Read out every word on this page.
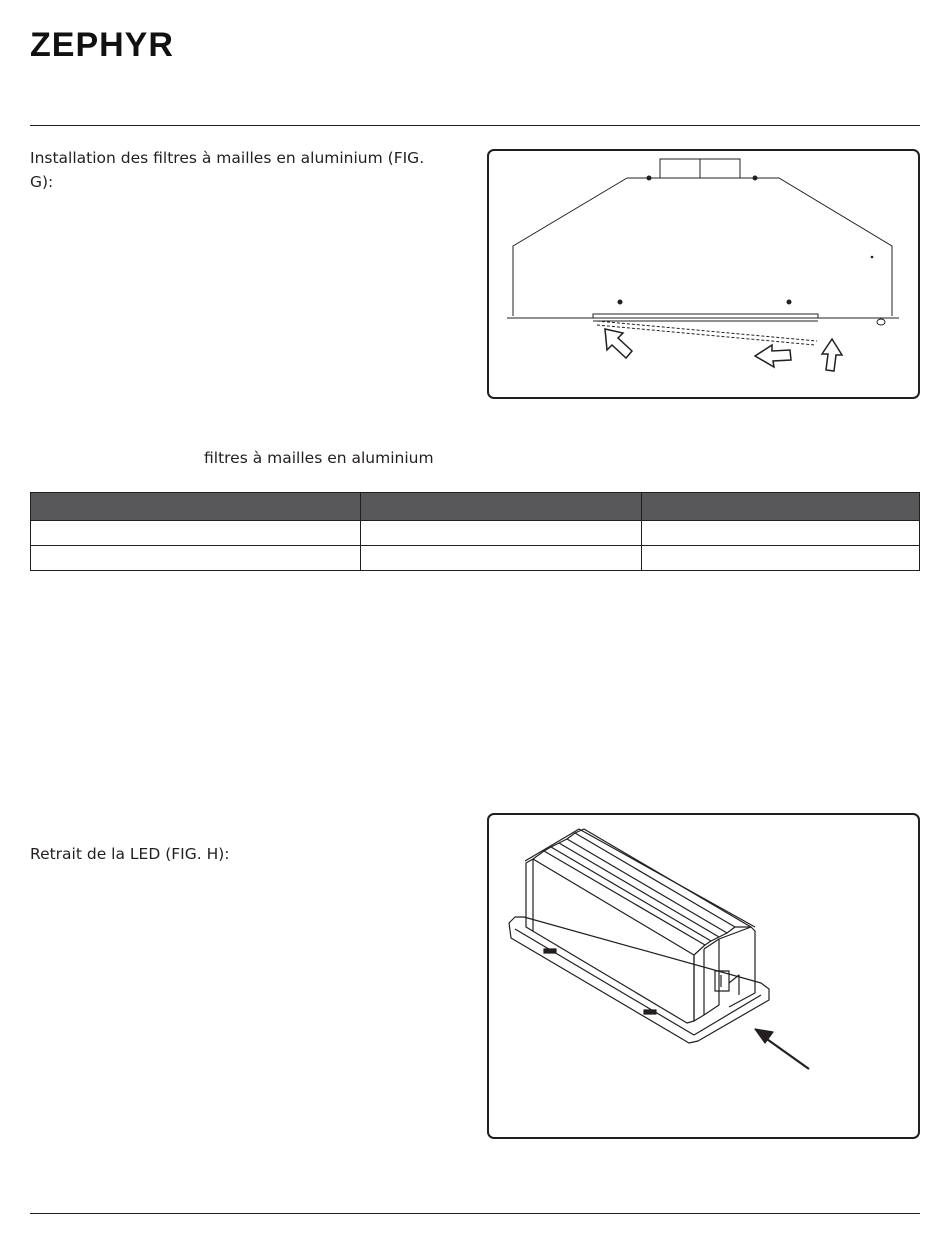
ZEPHYR
Installation des filtres à mailles en aluminium (FIG. G):
filtres à mailles en aluminium

Retrait de la LED (FIG. H):
